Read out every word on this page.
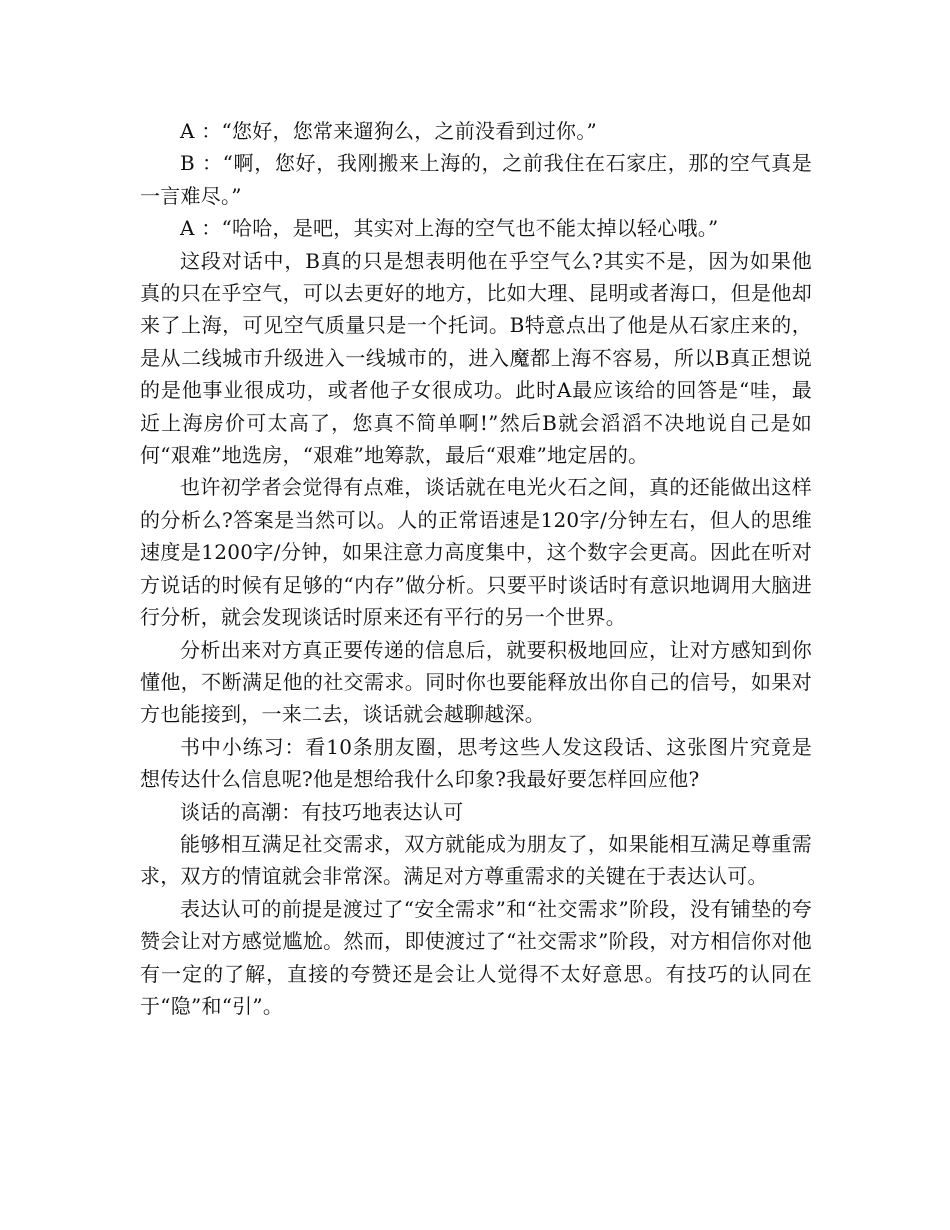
A ：“您好，您常来遛狗么，之前没看到过你。”

B ：“啊，您好，我刚搬来上海的，之前我住在石家庄，那的空气真是一言难尽。”

A ：“哈哈，是吧，其实对上海的空气也不能太掉以轻心哦。”

这段对话中，B真的只是想表明他在乎空气么?其实不是，因为如果他真的只在乎空气，可以去更好的地方，比如大理、昆明或者海口，但是他却来了上海，可见空气质量只是一个托词。B特意点出了他是从石家庄来的，是从二线城市升级进入一线城市的，进入魔都上海不容易，所以B真正想说的是他事业很成功，或者他子女很成功。此时A最应该给的回答是“哇，最近上海房价可太高了，您真不简单啊!”然后B就会滔滔不决地说自己是如何“艰难”地选房，“艰难”地筹款，最后“艰难”地定居的。

也许初学者会觉得有点难，谈话就在电光火石之间，真的还能做出这样的分析么?答案是当然可以。人的正常语速是120字/分钟左右，但人的思维速度是1200字/分钟，如果注意力高度集中，这个数字会更高。因此在听对方说话的时候有足够的“内存”做分析。只要平时谈话时有意识地调用大脑进行分析，就会发现谈话时原来还有平行的另一个世界。

分析出来对方真正要传递的信息后，就要积极地回应，让对方感知到你懂他，不断满足他的社交需求。同时你也要能释放出你自己的信号，如果对方也能接到，一来二去，谈话就会越聊越深。

书中小练习：看10条朋友圈，思考这些人发这段话、这张图片究竟是想传达什么信息呢?他是想给我什么印象?我最好要怎样回应他?

谈话的高潮：有技巧地表达认可

能够相互满足社交需求，双方就能成为朋友了，如果能相互满足尊重需求，双方的情谊就会非常深。满足对方尊重需求的关键在于表达认可。

表达认可的前提是渡过了“安全需求”和“社交需求”阶段，没有铺垫的夸赞会让对方感觉尴尬。然而，即使渡过了“社交需求”阶段，对方相信你对他有一定的了解，直接的夸赞还是会让人觉得不太好意思。有技巧的认同在于“隐”和“引”。
